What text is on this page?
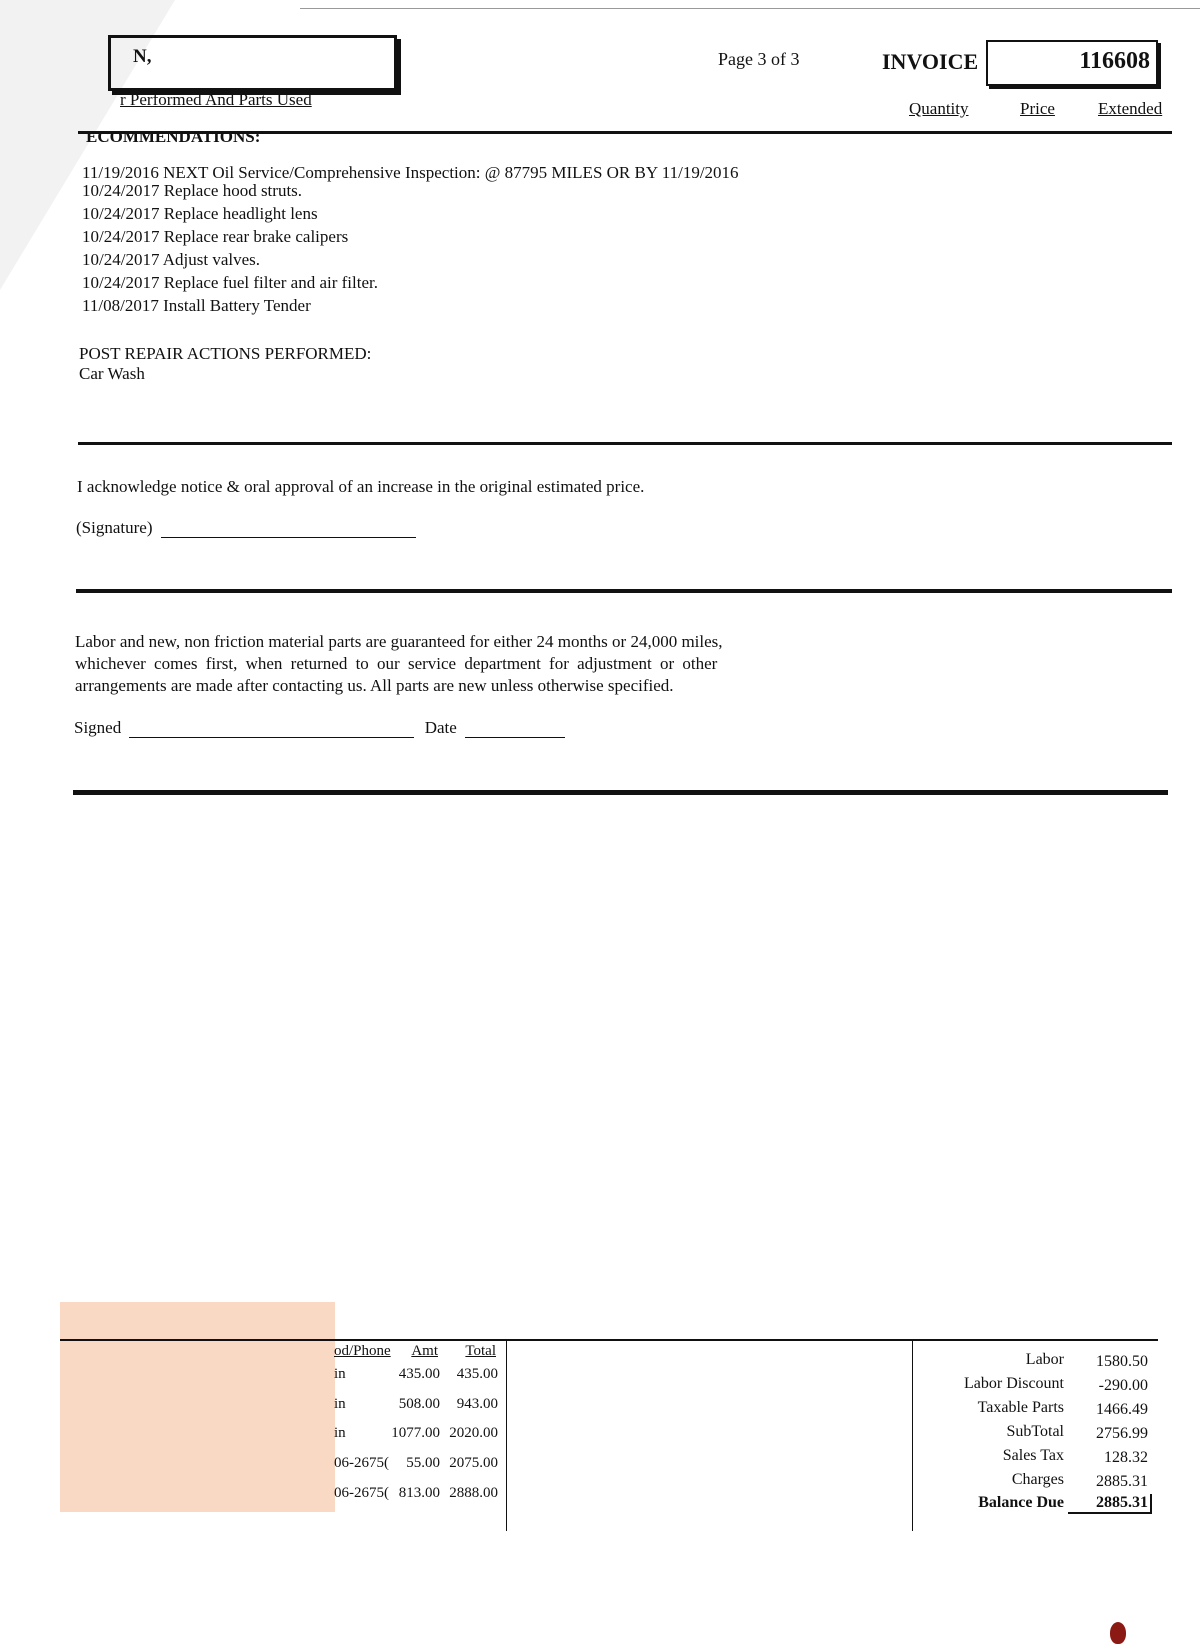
N,
r Performed And Parts Used
Page 3 of 3	INVOICE	116608
Quantity	Price	Extended
ECOMMENDATIONS:
11/19/2016 NEXT Oil Service/Comprehensive Inspection: @ 87795 MILES OR BY 11/19/2016
10/24/2017 Replace hood struts.
10/24/2017 Replace headlight lens
10/24/2017 Replace rear brake calipers
10/24/2017 Adjust valves.
10/24/2017 Replace fuel filter and air filter.
11/08/2017 Install Battery Tender
POST REPAIR ACTIONS PERFORMED:
Car Wash
I acknowledge notice & oral approval of an increase in the original estimated price.
(Signature)
Labor and new, non friction material parts are guaranteed for either 24 months or 24,000 miles,
whichever comes first, when returned to our service department for adjustment or other
arrangements are made after contacting us. All parts are new unless otherwise specified.
Signed	Date
od/Phone Amt	Total
in	435.00	435.00
in	508.00	943.00
in	1077.00 2020.00
06-2675(	55.00 2075.00
06-2675( 813.00 2888.00
Labor	1580.50
Labor Discount	-290.00
Taxable Parts	1466.49
SubTotal	2756.99
Sales Tax	128.32
Charges	2885.31
Balance Due	2885.31
